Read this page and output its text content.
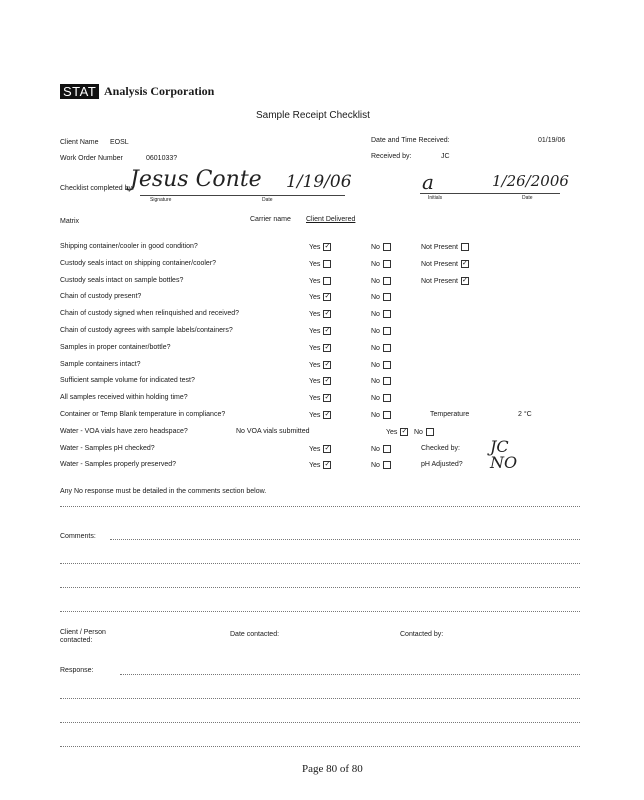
STAT Analysis Corporation
Sample Receipt Checklist
Client Name EOSL	Date and Time Received:	01/19/06
Work Order Number	0601033?	Received by:	JC
Checklist completed by:
Jesus Conte 1/19/06
Signature	Date
a	1/26/2006
Initials	Date
Matrix	Carrier name Client Delivered
Shipping container/cooler in good condition?	Yes ✓	No	Not Present
Custody seals intact on shipping container/cooler?	Yes	No	Not Present ✓
Custody seals intact on sample bottles?	Yes	No	Not Present ✓
Chain of custody present?	Yes ✓	No
Chain of custody signed when relinquished and received?	Yes ✓	No
Chain of custody agrees with sample labels/containers?	Yes ✓	No
Samples in proper container/bottle?	Yes ✓	No
Sample containers intact?	Yes ✓	No
Sufficient sample volume for indicated test?	Yes ✓	No
All samples received within holding time?	Yes ✓	No
Container or Temp Blank temperature in compliance?	Yes ✓	No	Temperature	2 °C
Water - VOA vials have zero headspace?	No VOA vials submitted	Yes ✓ No
Water - Samples pH checked?	Yes ✓	No	Checked by: JC
Water - Samples properly preserved?	Yes ✓	No	pH Adjusted? NO
Any No response must be detailed in the comments section below.
Comments:
Client / Person
contacted:
Date contacted:	Contacted by:
Response:
Page 80 of 80
